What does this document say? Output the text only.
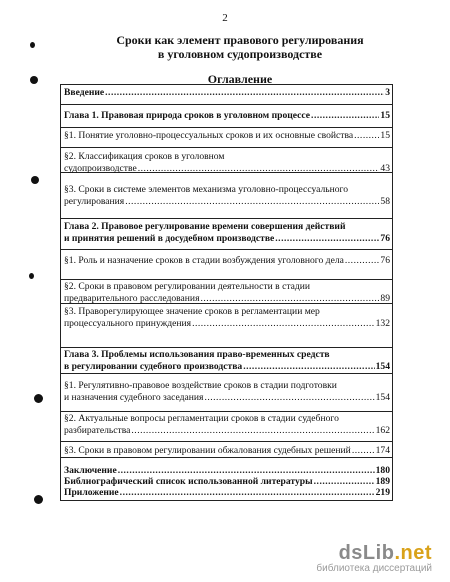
2
Сроки как элемент правового регулирования
в уголовном судопроизводстве
Оглавление
Введение .....	3
Глава 1. Правовая природа сроков в уголовном процессе .....	15
§1. Понятие уголовно-процессуальных сроков и их основные свойства .....	15
§2. Классификация сроков в уголовном
судопроизводстве .....	43
§3. Сроки в системе элементов механизма уголовно-процессуального
регулирования .....	58
Глава 2. Правовое регулирование времени совершения действий
и принятия решений в досудебном производстве .....	76
§1. Роль и назначение сроков в стадии возбуждения уголовного дела .....	76
§2. Сроки в правовом регулировании деятельности в стадии
предварительного расследования .....	89
§3. Праворегулирующее значение сроков в регламентации мер
процессуального принуждения .....	132
Глава 3. Проблемы использования право-временных средств
в регулировании судебного производства .....	154
§1. Регулятивно-правовое воздействие сроков в стадии подготовки
и назначения судебного заседания .....	154
§2. Актуальные вопросы регламентации сроков в стадии судебного
разбирательства .....	162
§3. Сроки в правовом регулировании обжалования судебных решений .....	174
Заключение .....	180
Библиографический список использованной литературы .....	189
Приложение .....	219
dsLib.net
библиотека диссертаций
